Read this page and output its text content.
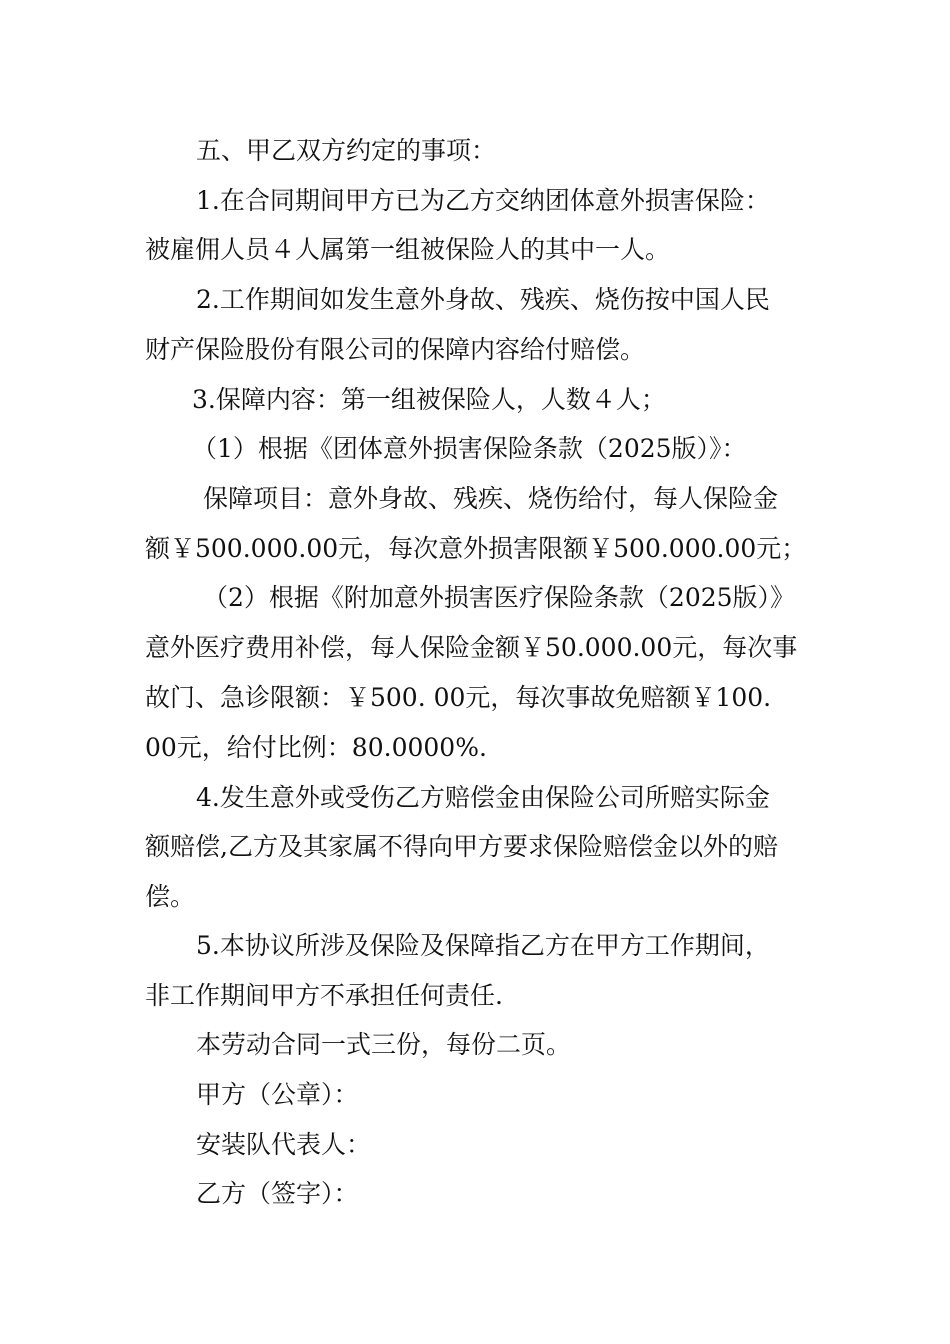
五、甲乙双方约定的事项：
1.在合同期间甲方已为乙方交纳团体意外损害保险：
被雇佣人员４人属第一组被保险人的其中一人。
2.工作期间如发生意外身故、残疾、烧伤按中国人民
财产保险股份有限公司的保障内容给付赔偿。
3.保障内容：第一组被保险人，人数４人；
（1）根据《团体意外损害保险条款（2025版）》：
保障项目：意外身故、残疾、烧伤给付，每人保险金
额￥500.000.00元，每次意外损害限额￥500.000.00元；
（2）根据《附加意外损害医疗保险条款（2025版）》
意外医疗费用补偿，每人保险金额￥50.000.00元，每次事
故门、急诊限额：￥500. 00元，每次事故免赔额￥100.
00元，给付比例：80.0000%.
4.发生意外或受伤乙方赔偿金由保险公司所赔实际金
额赔偿,乙方及其家属不得向甲方要求保险赔偿金以外的赔
偿。
5.本协议所涉及保险及保障指乙方在甲方工作期间，
非工作期间甲方不承担任何责任.
本劳动合同一式三份，每份二页。
甲方（公章）：
安装队代表人：
乙方（签字）：
